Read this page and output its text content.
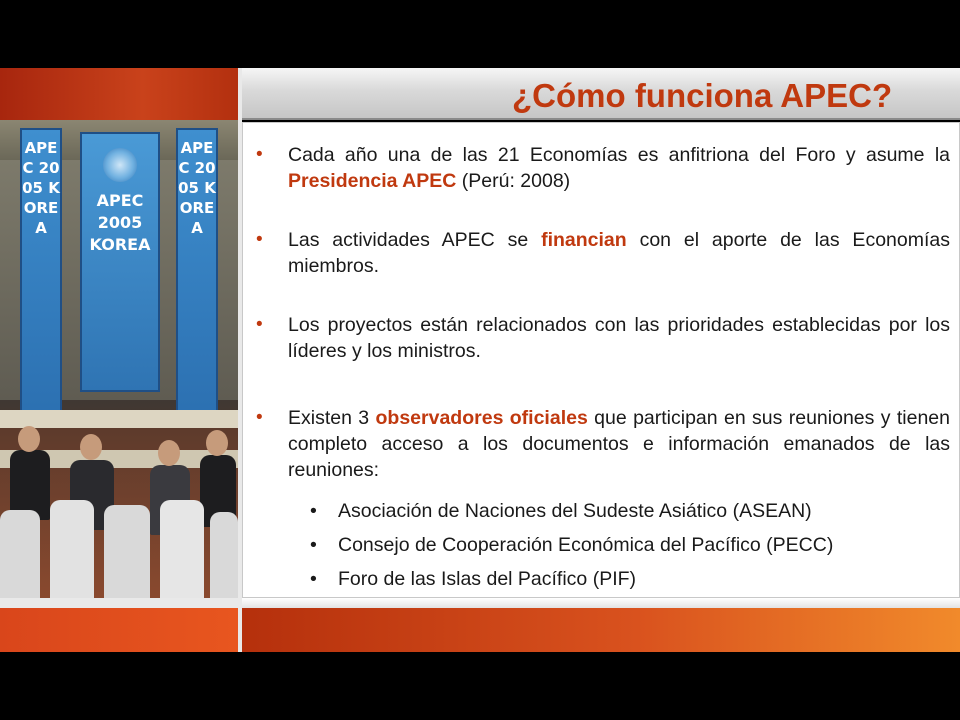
¿Cómo funciona APEC?
APEC 2005 KOREA
APEC 2005 KOREA
APEC 2005 KOREA
• Cada año una de las 21 Economías es anfitriona del Foro y asume la Presidencia APEC (Perú: 2008)
• Las actividades APEC se financian con el aporte de las Economías miembros.
• Los proyectos están relacionados con las prioridades establecidas por los líderes y los ministros.
• Existen 3 observadores oficiales que participan en sus reuniones y tienen completo acceso a los documentos e información emanados de las reuniones:
• Asociación de Naciones del Sudeste Asiático (ASEAN)
• Consejo de Cooperación Económica del Pacífico (PECC)
• Foro de las Islas del Pacífico (PIF)
